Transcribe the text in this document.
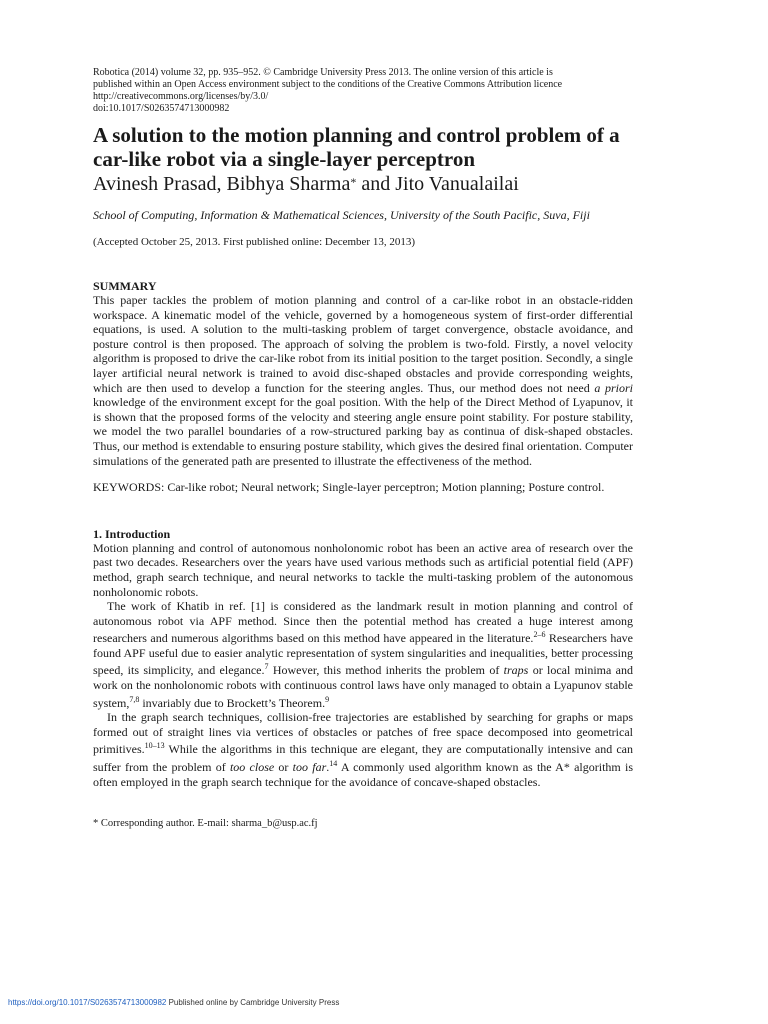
Robotica (2014) volume 32, pp. 935–952. © Cambridge University Press 2013. The online version of this article is
published within an Open Access environment subject to the conditions of the Creative Commons Attribution licence
http://creativecommons.org/licenses/by/3.0/
doi:10.1017/S0263574713000982
A solution to the motion planning and control problem of a car-like robot via a single-layer perceptron
Avinesh Prasad, Bibhya Sharma* and Jito Vanualailai

School of Computing, Information & Mathematical Sciences, University of the South Pacific, Suva, Fiji

(Accepted October 25, 2013. First published online: December 13, 2013)

SUMMARY

This paper tackles the problem of motion planning and control of a car-like robot in an obstacle-ridden workspace. A kinematic model of the vehicle, governed by a homogeneous system of first-order differential equations, is used. A solution to the multi-tasking problem of target convergence, obstacle avoidance, and posture control is then proposed. The approach of solving the problem is two-fold. Firstly, a novel velocity algorithm is proposed to drive the car-like robot from its initial position to the target position. Secondly, a single layer artificial neural network is trained to avoid disc-shaped obstacles and provide corresponding weights, which are then used to develop a function for the steering angles. Thus, our method does not need a priori knowledge of the environment except for the goal position. With the help of the Direct Method of Lyapunov, it is shown that the proposed forms of the velocity and steering angle ensure point stability. For posture stability, we model the two parallel boundaries of a row-structured parking bay as continua of disk-shaped obstacles. Thus, our method is extendable to ensuring posture stability, which gives the desired final orientation. Computer simulations of the generated path are presented to illustrate the effectiveness of the method.

KEYWORDS: Car-like robot; Neural network; Single-layer perceptron; Motion planning; Posture control.

1. Introduction

Motion planning and control of autonomous nonholonomic robot has been an active area of research over the past two decades. Researchers over the years have used various methods such as artificial potential field (APF) method, graph search technique, and neural networks to tackle the multi-tasking problem of the autonomous nonholonomic robots.

The work of Khatib in ref. [1] is considered as the landmark result in motion planning and control of autonomous robot via APF method. Since then the potential method has created a huge interest among researchers and numerous algorithms based on this method have appeared in the literature.$^{2-6}$ Researchers have found APF useful due to easier analytic representation of system singularities and inequalities, better processing speed, its simplicity, and elegance.$^7$ However, this method inherits the problem of traps or local minima and work on the nonholonomic robots with continuous control laws have only managed to obtain a Lyapunov stable system,$^{7,8}$ invariably due to Brockett’s Theorem.$^9$

In the graph search techniques, collision-free trajectories are established by searching for graphs or maps formed out of straight lines via vertices of obstacles or patches of free space decomposed into geometrical primitives.$^{10-13}$ While the algorithms in this technique are elegant, they are computationally intensive and can suffer from the problem of too close or too far.$^{14}$ A commonly used algorithm known as the A* algorithm is often employed in the graph search technique for the avoidance of concave-shaped obstacles.

* Corresponding author. E-mail: sharma_b@usp.ac.fj

https://doi.org/10.1017/S0263574713000982 Published online by Cambridge University Press
